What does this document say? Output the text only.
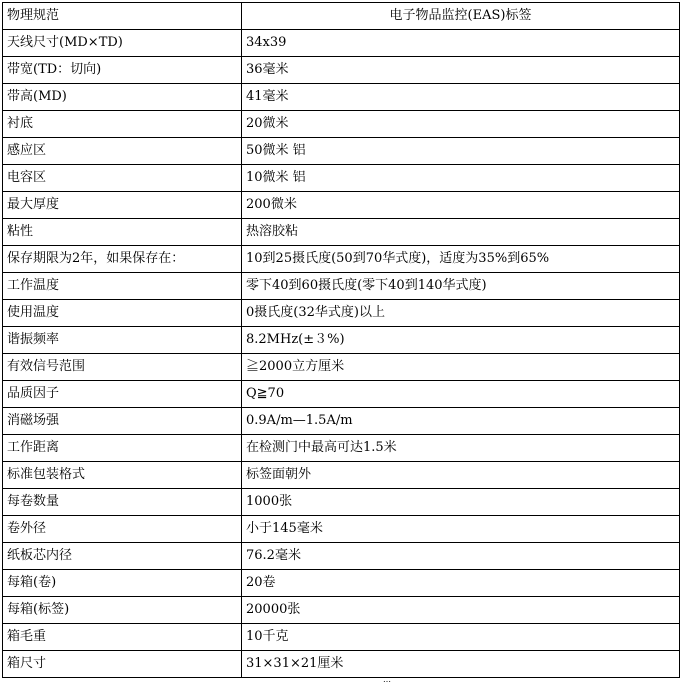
物理规范	电子物品监控(EAS)标签
天线尺寸(MD×TD)	34x39
带宽(TD：切向)	36毫米
带高(MD)	41毫米
衬底	20微米
感应区	50微米 铝
电容区	10微米 铝
最大厚度	200微米
粘性	热溶胶粘
保存期限为2年，如果保存在：	10到25摄氏度(50到70华式度)，适度为35%到65%
工作温度	零下40到60摄氏度(零下40到140华式度)
使用温度	0摄氏度(32华式度)以上
谐振频率	8.2MHz(±３%)
有效信号范围	≧2000立方厘米
品质因子	Q≧70
消磁场强	0.9A/m—1.5A/m
工作距离	在检测门中最高可达1.5米
标准包装格式	标签面朝外
每卷数量	1000张
卷外径	小于145毫米
纸板芯内径	76.2毫米
每箱(卷)	20卷
每箱(标签)	20000张
箱毛重	10千克
箱尺寸	31×31×21厘米
…
